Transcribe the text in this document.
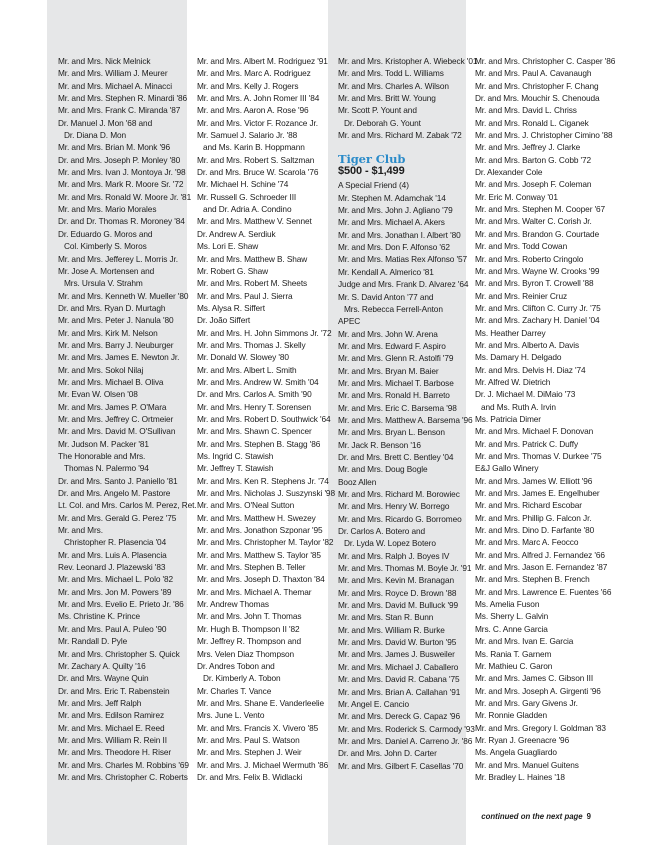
Mr. and Mrs. Nick Melnick
Mr. and Mrs. William J. Meurer
Mr. and Mrs. Michael A. Minacci
Mr. and Mrs. Stephen R. Minardi '86
Mr. and Mrs. Frank C. Miranda '87
Dr. Manuel J. Mon '68 and
Dr. Diana D. Mon
Mr. and Mrs. Brian M. Monk '96
Dr. and Mrs. Joseph P. Monley '80
Mr. and Mrs. Ivan J. Montoya Jr. '98
Mr. and Mrs. Mark R. Moore Sr. '72
Mr. and Mrs. Ronald W. Moore Jr. '81
Mr. and Mrs. Mario Morales
Dr. and Dr. Thomas R. Moroney '84
Dr. Eduardo G. Moros and
Col. Kimberly S. Moros
Mr. and Mrs. Jefferey L. Morris Jr.
Mr. Jose A. Mortensen and
Mrs. Ursula V. Strahm
Mr. and Mrs. Kenneth W. Mueller '80
Dr. and Mrs. Ryan D. Murtagh
Mr. and Mrs. Peter J. Nanula '80
Mr. and Mrs. Kirk M. Nelson
Mr. and Mrs. Barry J. Neuburger
Mr. and Mrs. James E. Newton Jr.
Mr. and Mrs. Sokol Nilaj
Mr. and Mrs. Michael B. Oliva
Mr. Evan W. Olsen '08
Mr. and Mrs. James P. O'Mara
Mr. and Mrs. Jeffrey C. Ortmeier
Mr. and Mrs. David M. O'Sullivan
Mr. Judson M. Packer '81
The Honorable and Mrs.
Thomas N. Palermo '94
Dr. and Mrs. Santo J. Paniello '81
Dr. and Mrs. Angelo M. Pastore
Lt. Col. and Mrs. Carlos M. Perez, Ret.
Mr. and Mrs. Gerald G. Perez '75
Mr. and Mrs.
Christopher R. Plasencia '04
Mr. and Mrs. Luis A. Plasencia
Rev. Leonard J. Plazewski '83
Mr. and Mrs. Michael L. Polo '82
Mr. and Mrs. Jon M. Powers '89
Mr. and Mrs. Evelio E. Prieto Jr. '86
Ms. Christine K. Prince
Mr. and Mrs. Paul A. Puleo '90
Mr. Randall D. Pyle
Mr. and Mrs. Christopher S. Quick
Mr. Zachary A. Quilty '16
Dr. and Mrs. Wayne Quin
Dr. and Mrs. Eric T. Rabenstein
Mr. and Mrs. Jeff Ralph
Mr. and Mrs. Edilson Ramirez
Mr. and Mrs. Michael E. Reed
Mr. and Mrs. William R. Rein II
Mr. and Mrs. Theodore H. Riser
Mr. and Mrs. Charles M. Robbins '69
Mr. and Mrs. Christopher C. Roberts
Mr. and Mrs. Albert M. Rodriguez '91
Mr. and Mrs. Marc A. Rodriguez
Mr. and Mrs. Kelly J. Rogers
Mr. and Mrs. A. John Romer III '84
Mr. and Mrs. Aaron A. Rose '96
Mr. and Mrs. Victor F. Rozance Jr.
Mr. Samuel J. Salario Jr. '88
and Ms. Karin B. Hoppmann
Mr. and Mrs. Robert S. Saltzman
Dr. and Mrs. Bruce W. Scarola '76
Mr. Michael H. Schine '74
Mr. Russell G. Schroeder III
and Dr. Adria A. Condino
Mr. and Mrs. Matthew V. Sennet
Dr. Andrew A. Serdiuk
Ms. Lori E. Shaw
Mr. and Mrs. Matthew B. Shaw
Mr. Robert G. Shaw
Mr. and Mrs. Robert M. Sheets
Mr. and Mrs. Paul J. Sierra
Ms. Alysa R. Siffert
Dr. João Siffert
Mr. and Mrs. H. John Simmons Jr. '72
Mr. and Mrs. Thomas J. Skelly
Mr. Donald W. Slowey '80
Mr. and Mrs. Albert L. Smith
Mr. and Mrs. Andrew W. Smith '04
Dr. and Mrs. Carlos A. Smith '90
Mr. and Mrs. Henry T. Sorensen
Mr. and Mrs. Robert D. Southwick '64
Mr. and Mrs. Shawn C. Spencer
Mr. and Mrs. Stephen B. Stagg '86
Ms. Ingrid C. Stawish
Mr. Jeffrey T. Stawish
Mr. and Mrs. Ken R. Stephens Jr. '74
Mr. and Mrs. Nicholas J. Suszynski '98
Mr. and Mrs. O'Neal Sutton
Mr. and Mrs. Matthew H. Swezey
Mr. and Mrs. Jonathon Szponar '95
Mr. and Mrs. Christopher M. Taylor '82
Mr. and Mrs. Matthew S. Taylor '85
Mr. and Mrs. Stephen B. Teller
Mr. and Mrs. Joseph D. Thaxton '84
Mr. and Mrs. Michael A. Themar
Mr. Andrew Thomas
Mr. and Mrs. John T. Thomas
Mr. Hugh B. Thompson II '82
Mr. Jeffrey R. Thompson and
Mrs. Velen Diaz Thompson
Dr. Andres Tobon and
Dr. Kimberly A. Tobon
Mr. Charles T. Vance
Mr. and Mrs. Shane E. Vanderleelie
Mrs. June L. Vento
Mr. and Mrs. Francis X. Vivero '85
Mr. and Mrs. Paul S. Watson
Mr. and Mrs. Stephen J. Weir
Mr. and Mrs. J. Michael Wermuth '86
Dr. and Mrs. Felix B. Widlacki
Mr. and Mrs. Kristopher A. Wiebeck '01
Mr. and Mrs. Todd L. Williams
Mr. and Mrs. Charles A. Wilson
Mr. and Mrs. Britt W. Young
Mr. Scott P. Yount and
Dr. Deborah G. Yount
Mr. and Mrs. Richard M. Zabak '72
Tiger Club
$500 - $1,499
A Special Friend (4)
Mr. Stephen M. Adamchak '14
Mr. and Mrs. John J. Agliano '79
Mr. and Mrs. Michael A. Akers
Mr. and Mrs. Jonathan I. Albert '80
Mr. and Mrs. Don F. Alfonso '62
Mr. and Mrs. Matias Rex Alfonso '57
Mr. Kendall A. Almerico '81
Judge and Mrs. Frank D. Alvarez '64
Mr. S. David Anton '77 and
Mrs. Rebecca Ferrell-Anton
APEC
Mr. and Mrs. John W. Arena
Mr. and Mrs. Edward F. Aspiro
Mr. and Mrs. Glenn R. Astolfi '79
Mr. and Mrs. Bryan M. Baier
Mr. and Mrs. Michael T. Barbose
Mr. and Mrs. Ronald H. Barreto
Mr. and Mrs. Eric C. Barsema '98
Mr. and Mrs. Matthew A. Barsema '96
Mr. and Mrs. Bryan L. Benson
Mr. Jack R. Benson '16
Dr. and Mrs. Brett C. Bentley '04
Mr. and Mrs. Doug Bogle
Booz Allen
Mr. and Mrs. Richard M. Borowiec
Mr. and Mrs. Henry W. Borrego
Mr. and Mrs. Ricardo G. Borromeo
Dr. Carlos A. Botero and
Dr. Lyda W. Lopez Botero
Mr. and Mrs. Ralph J. Boyes IV
Mr. and Mrs. Thomas M. Boyle Jr. '91
Mr. and Mrs. Kevin M. Branagan
Mr. and Mrs. Royce D. Brown '88
Mr. and Mrs. David M. Bulluck '99
Mr. and Mrs. Stan R. Bunn
Mr. and Mrs. William R. Burke
Mr. and Mrs. David W. Burton '95
Mr. and Mrs. James J. Busweiler
Mr. and Mrs. Michael J. Caballero
Mr. and Mrs. David R. Cabana '75
Mr. and Mrs. Brian A. Callahan '91
Mr. Angel E. Cancio
Mr. and Mrs. Dereck G. Capaz '96
Mr. and Mrs. Roderick S. Carmody '93
Mr. and Mrs. Daniel A. Carreno Jr. '86
Dr. and Mrs. John D. Carter
Mr. and Mrs. Gilbert F. Casellas '70
Mr. and Mrs. Christopher C. Casper '86
Mr. and Mrs. Paul A. Cavanaugh
Mr. and Mrs. Christopher F. Chang
Dr. and Mrs. Mouchir S. Chenouda
Mr. and Mrs. David L. Chriss
Mr. and Mrs. Ronald L. Ciganek
Mr. and Mrs. J. Christopher Cimino '88
Mr. and Mrs. Jeffrey J. Clarke
Mr. and Mrs. Barton G. Cobb '72
Dr. Alexander Cole
Mr. and Mrs. Joseph F. Coleman
Mr. Eric M. Conway '01
Mr. and Mrs. Stephen M. Cooper '67
Mr. and Mrs. Walter C. Corish Jr.
Mr. and Mrs. Brandon G. Courtade
Mr. and Mrs. Todd Cowan
Mr. and Mrs. Roberto Cringolo
Mr. and Mrs. Wayne W. Crooks '99
Mr. and Mrs. Byron T. Crowell '88
Mr. and Mrs. Reinier Cruz
Mr. and Mrs. Clifton C. Curry Jr. '75
Mr. and Mrs. Zachary H. Daniel '04
Ms. Heather Darrey
Mr. and Mrs. Alberto A. Davis
Ms. Damary H. Delgado
Mr. and Mrs. Delvis H. Diaz '74
Mr. Alfred W. Dietrich
Dr. J. Michael M. DiMaio '73
and Ms. Ruth A. Irvin
Ms. Patricia Dimer
Mr. and Mrs. Michael F. Donovan
Mr. and Mrs. Patrick C. Duffy
Mr. and Mrs. Thomas V. Durkee '75
E&J Gallo Winery
Mr. and Mrs. James W. Elliott '96
Mr. and Mrs. James E. Engelhuber
Mr. and Mrs. Richard Escobar
Mr. and Mrs. Phillip G. Falcon Jr.
Mr. and Mrs. Dino D. Farfante '80
Mr. and Mrs. Marc A. Feocco
Mr. and Mrs. Alfred J. Fernandez '66
Mr. and Mrs. Jason E. Fernandez '87
Mr. and Mrs. Stephen B. French
Mr. and Mrs. Lawrence E. Fuentes '66
Ms. Amelia Fuson
Ms. Sherry L. Galvin
Mrs. C. Anne Garcia
Mr. and Mrs. Ivan E. Garcia
Ms. Rania T. Garnem
Mr. Mathieu C. Garon
Mr. and Mrs. James C. Gibson III
Mr. and Mrs. Joseph A. Girgenti '96
Mr. and Mrs. Gary Givens Jr.
Mr. Ronnie Gladden
Mr. and Mrs. Gregory I. Goldman '83
Mr. Ryan J. Greenacre '96
Ms. Angela Guagliardo
Mr. and Mrs. Manuel Guitens
Mr. Bradley L. Haines '18
continued on the next page 9
